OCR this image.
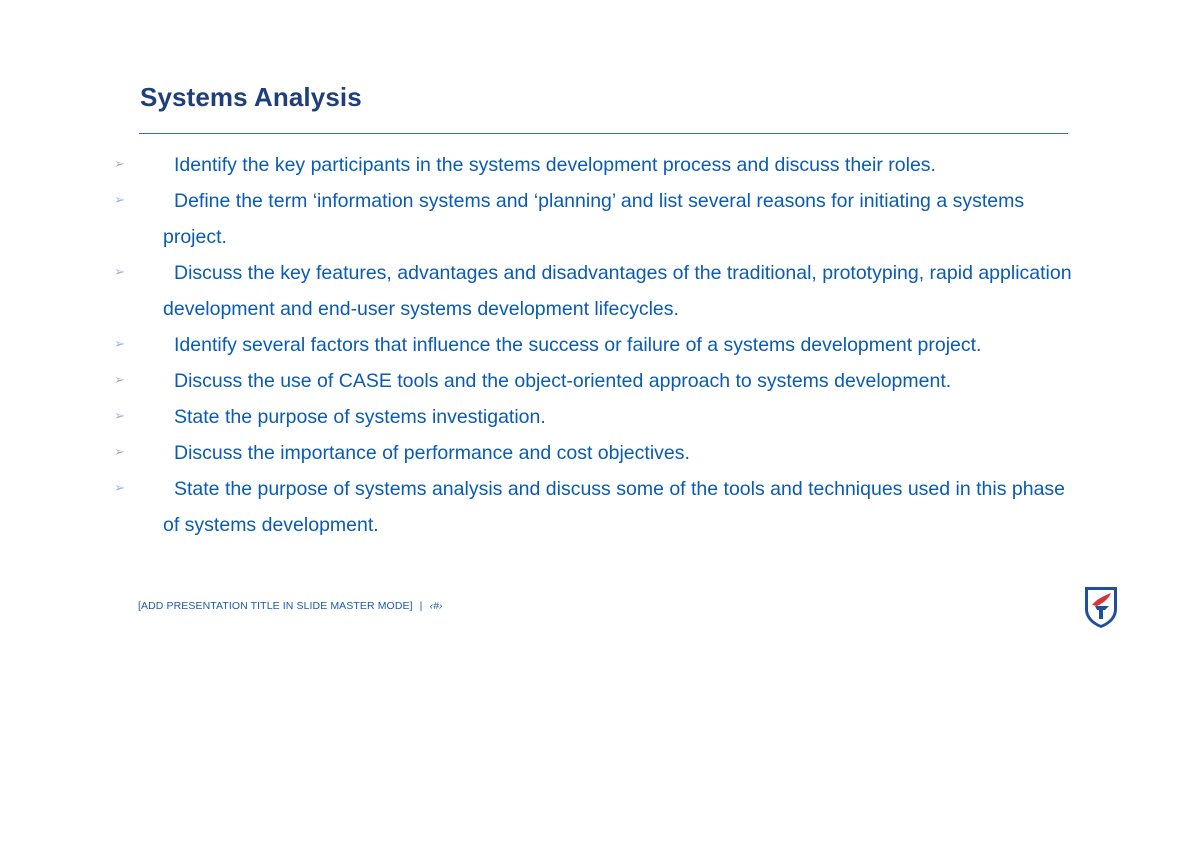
Systems Analysis
➢	Identify the key participants in the systems development process and discuss their roles.
➢	Define the term ‘information systems and ‘planning’ and list several reasons for initiating a systems project.
➢	Discuss the key features, advantages and disadvantages of the traditional, prototyping, rapid application development and end-user systems development lifecycles.
➢	Identify several factors that influence the success or failure of a systems development project.
➢	Discuss the use of CASE tools and the object-oriented approach to systems development.
➢	State the purpose of systems investigation.
➢	Discuss the importance of performance and cost objectives.
➢	State the purpose of systems analysis and discuss some of the tools and techniques used in this phase of systems development.
[ADD PRESENTATION TITLE IN SLIDE MASTER MODE] | ‹#›
